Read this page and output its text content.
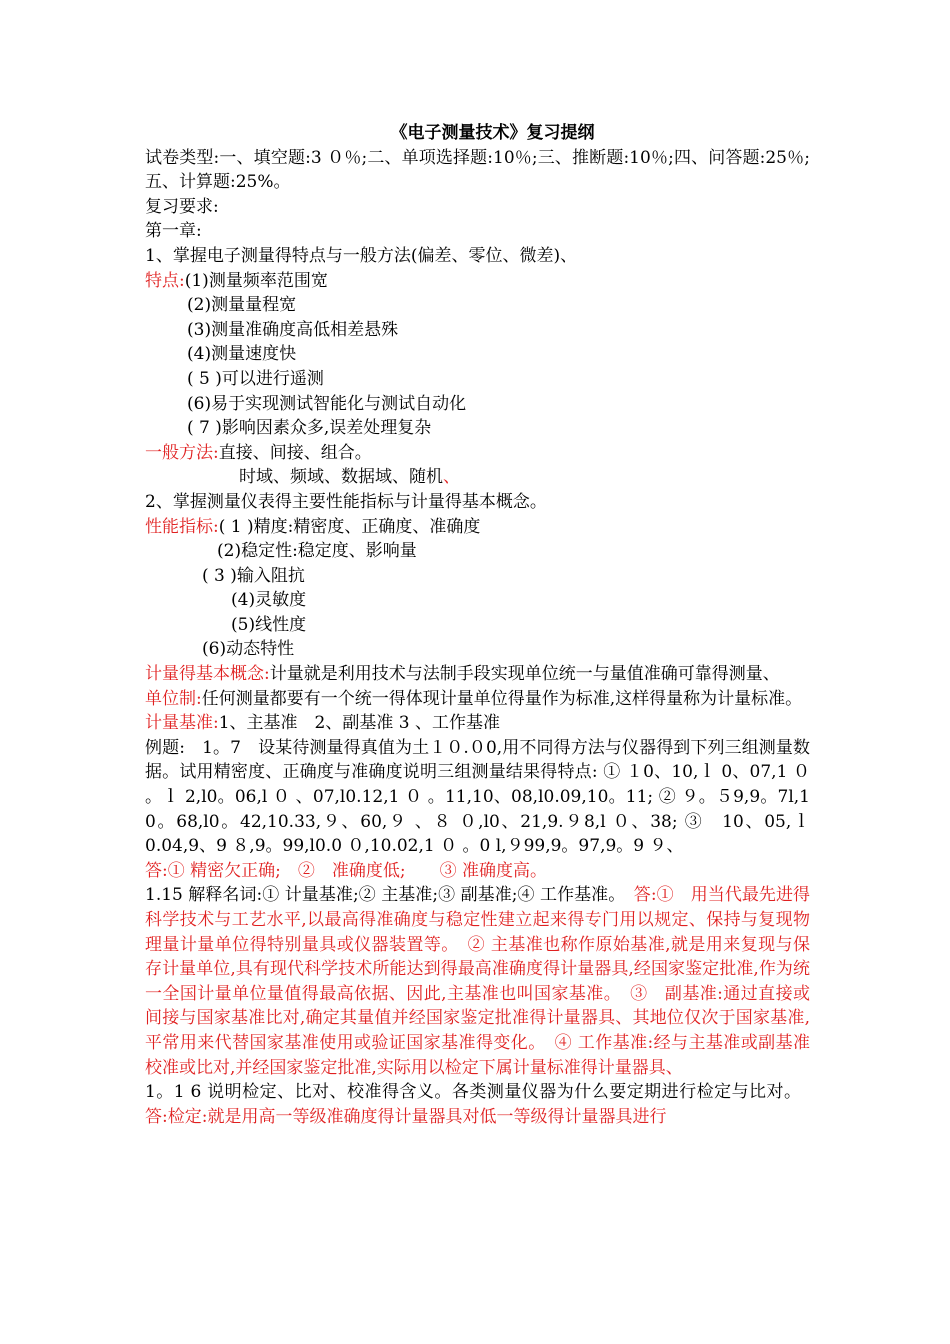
《电子测量技术》复习提纲
试卷类型:一、填空题:3 ０％;二、单项选择题:10％;三、推断题:10％;四、问答题:25％;五、计算题:25%。
复习要求:
第一章:
1、掌握电子测量得特点与一般方法(偏差、零位、微差)、
特点:(1)测量频率范围宽
(2)测量量程宽
(3)测量准确度高低相差悬殊
(4)测量速度快
( 5 )可以进行遥测
(6)易于实现测试智能化与测试自动化
( 7 )影响因素众多,误差处理复杂
一般方法:直接、间接、组合。
时域、频域、数据域、随机、
2、掌握测量仪表得主要性能指标与计量得基本概念。
性能指标:( 1 )精度:精密度、正确度、准确度
(2)稳定性:稳定度、影响量
( 3 )输入阻抗
(4)灵敏度
(5)线性度
(6)动态特性
计量得基本概念:计量就是利用技术与法制手段实现单位统一与量值准确可靠得测量、
单位制:任何测量都要有一个统一得体现计量单位得量作为标准,这样得量称为计量标准。
计量基准:1、主基准　2、副基准 3 、工作基准
例题:　1。7　设某待测量得真值为土１０.０0,用不同得方法与仪器得到下列三组测量数据。试用精密度、正确度与准确度说明三组测量结果得特点: ① １0、10,ｌ 0、07,1 ０ 。ｌ 2,l0。06,l ０ 、07,l0.12,1 ０ 。11,10、08,l0.09,10。11; ② ９。５9,9。7l,1 0。68,l0。42,10.33,９、60,９ 、８ ０,l0、21,9.９8,l ０、38; ③　10、05,ｌ 0.04,9、9 ８,9。99,l0.0 ０,10.02,1 ０ 。0 l,９99,9。97,9。9 ９、
答:① 精密欠正确;　②　准确度低;　　③ 准确度高。
1.15 解释名词:① 计量基准;② 主基准;③ 副基准;④ 工作基准。　答:①　用当代最先进得科学技术与工艺水平,以最高得准确度与稳定性建立起来得专门用以规定、保持与复现物理量计量单位得特别量具或仪器装置等。　② 主基准也称作原始基准,就是用来复现与保存计量单位,具有现代科学技术所能达到得最高准确度得计量器具,经国家鉴定批准,作为统一全国计量单位量值得最高依据、因此,主基准也叫国家基准。　③　副基准:通过直接或间接与国家基准比对,确定其量值并经国家鉴定批准得计量器具、其地位仅次于国家基准,平常用来代替国家基准使用或验证国家基准得变化。　④ 工作基准:经与主基准或副基准校准或比对,并经国家鉴定批准,实际用以检定下属计量标准得计量器具、
1。1 6 说明检定、比对、校准得含义。各类测量仪器为什么要定期进行检定与比对。　答:检定:就是用高一等级准确度得计量器具对低一等级得计量器具进行
